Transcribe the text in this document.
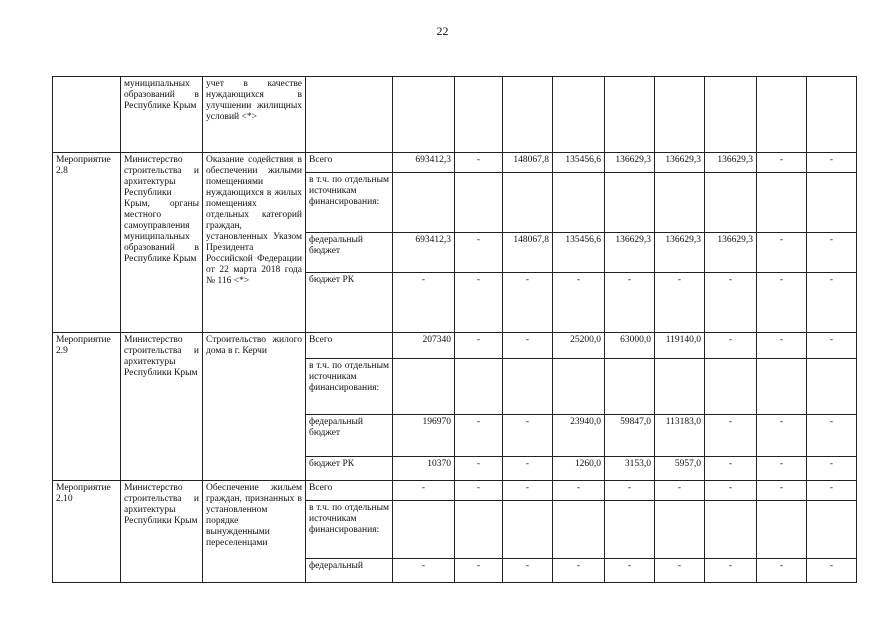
22
	муниципальных образований в Республике Крым	учет в качестве нуждающихся в улучшении жилищных условий <*>										
Мероприятие 2.8	Министерство строительства и архитектуры Республики Крым, органы местного самоуправления муниципальных образований в Республике Крым	Оказание содействия в обеспечении жилыми помещениями нуждающихся в жилых помещениях отдельных категорий граждан, установленных Указом Президента Российской Федерации от 22 марта 2018 года № 116 <*>	Всего	693412,3	-	148067,8	135456,6	136629,3	136629,3	136629,3	-	-
			в т.ч. по отдельным источникам финансирования:									
			федеральный бюджет	693412,3	-	148067,8	135456,6	136629,3	136629,3	136629,3	-	-
			бюджет РК	-	-	-	-	-	-	-	-	-
Мероприятие 2.9	Министерство строительства и архитектуры Республики Крым	Строительство жилого дома в г. Керчи	Всего	207340	-	-	25200,0	63000,0	119140,0	-	-	-
			в т.ч. по отдельным источникам финансирования:									
			федеральный бюджет	196970	-	-	23940,0	59847,0	113183,0	-	-	-
			бюджет РК	10370	-	-	1260,0	3153,0	5957,0	-	-	-
Мероприятие 2.10	Министерство строительства и архитектуры Республики Крым	Обеспечение жильем граждан, признанных в установленном порядке вынужденными переселенцами	Всего	-	-	-	-	-	-	-	-	-
			в т.ч. по отдельным источникам финансирования:									
			федеральный	-	-	-	-	-	-	-	-	-
